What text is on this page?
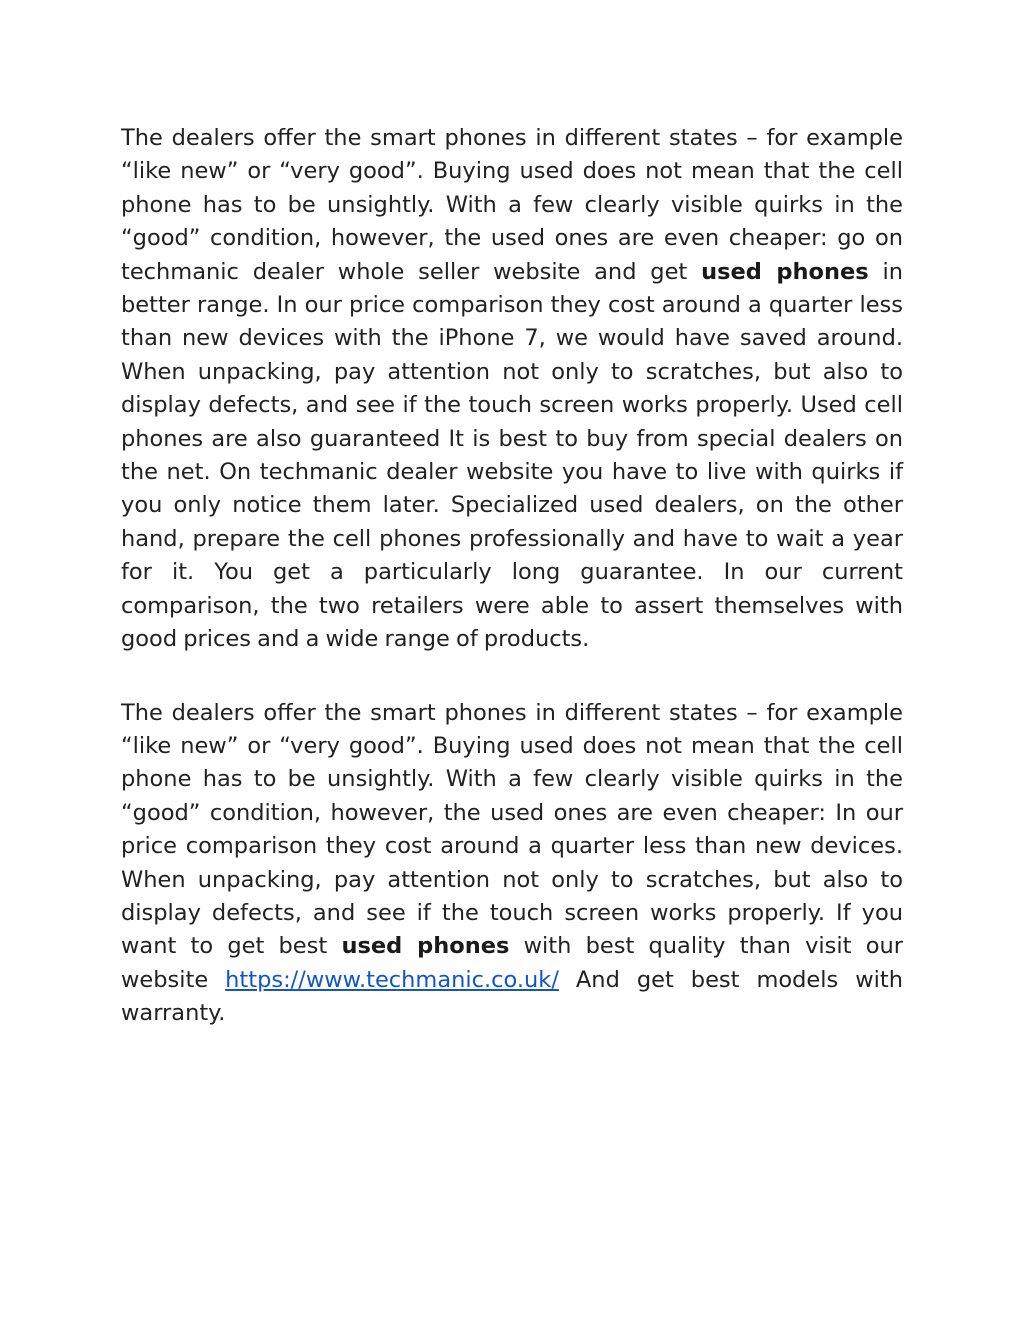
The dealers offer the smart phones in different states – for example “like new” or “very good”. Buying used does not mean that the cell phone has to be unsightly. With a few clearly visible quirks in the “good” condition, however, the used ones are even cheaper: go on techmanic dealer whole seller website and get used phones in better range. In our price comparison they cost around a quarter less than new devices with the iPhone 7, we would have saved around. When unpacking, pay attention not only to scratches, but also to display defects, and see if the touch screen works properly. Used cell phones are also guaranteed It is best to buy from special dealers on the net. On techmanic dealer website you have to live with quirks if you only notice them later. Specialized used dealers, on the other hand, prepare the cell phones professionally and have to wait a year for it. You get a particularly long guarantee. In our current comparison, the two retailers were able to assert themselves with good prices and a wide range of products.

The dealers offer the smart phones in different states – for example “like new” or “very good”. Buying used does not mean that the cell phone has to be unsightly. With a few clearly visible quirks in the “good” condition, however, the used ones are even cheaper: In our price comparison they cost around a quarter less than new devices. When unpacking, pay attention not only to scratches, but also to display defects, and see if the touch screen works properly. If you want to get best used phones with best quality than visit our website https://www.techmanic.co.uk/ And get best models with warranty.
